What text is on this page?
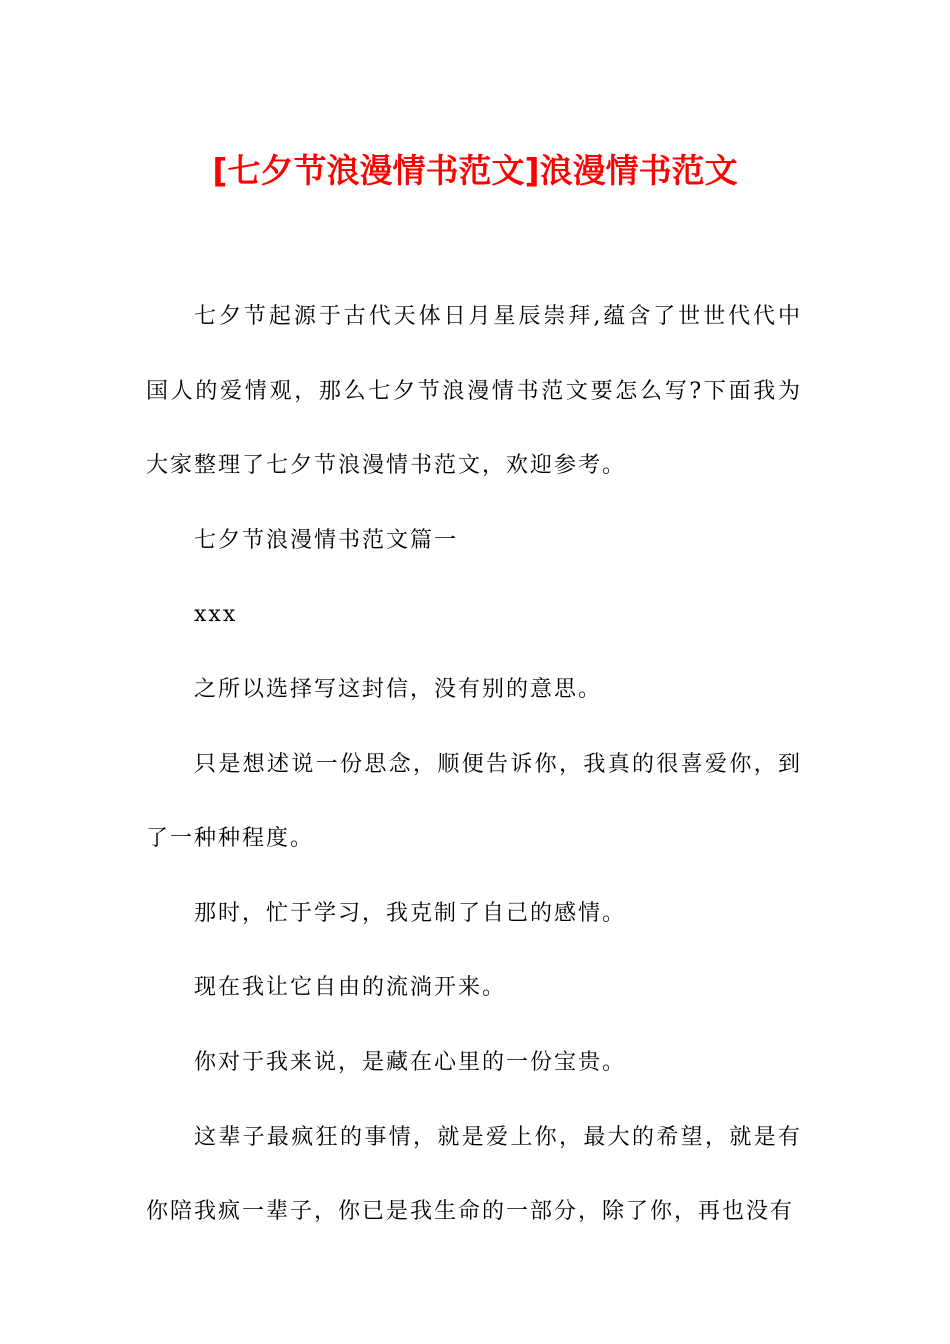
[七夕节浪漫情书范文]浪漫情书范文

七夕节起源于古代天体日月星辰崇拜,蕴含了世世代代中国人的爱情观，那么七夕节浪漫情书范文要怎么写?下面我为大家整理了七夕节浪漫情书范文，欢迎参考。

七夕节浪漫情书范文篇一

xxx

之所以选择写这封信，没有别的意思。

只是想述说一份思念，顺便告诉你，我真的很喜爱你，到了一种种程度。

那时，忙于学习，我克制了自己的感情。

现在我让它自由的流淌开来。

你对于我来说，是藏在心里的一份宝贵。

这辈子最疯狂的事情，就是爱上你，最大的希望，就是有你陪我疯一辈子，你已是我生命的一部分，除了你，再也没有
